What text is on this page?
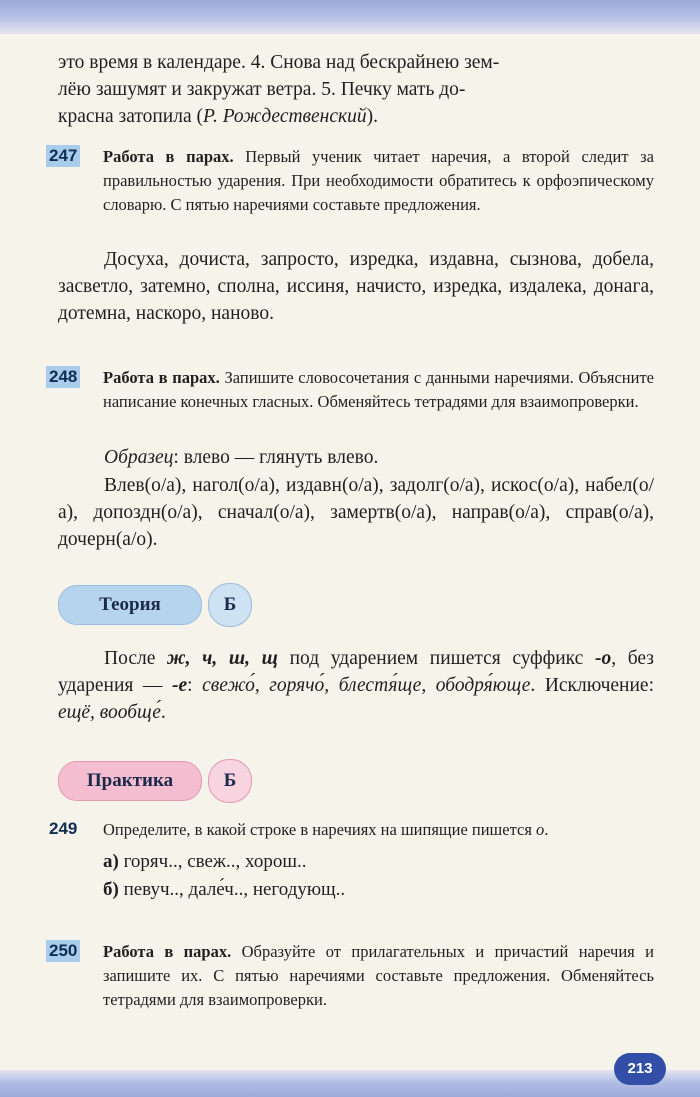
это время в календаре. 4. Снова над бескрайнею зем-

лёю зашумят и закружат ветра. 5. Печку мать до-

красна затопила (Р. Рождественский).

247 Работа в парах. Первый ученик читает наречия, а второй следит за правильностью ударения. При необходимости обратитесь к орфоэпическому словарю. С пятью наречиями составьте предложения.

Досуха, дочиста, запросто, изредка, издавна, сызнова, добела, засветло, затемно, сполна, иссиня, начисто, изредка, издалека, донага, дотемна, наскоро, наново.

248 Работа в парах. Запишите словосочетания с данными наречиями. Объясните написание конечных гласных. Обменяйтесь тетрадями для взаимопроверки.

Образец: влево — глянуть влево.

Влев(о/а), нагол(о/а), издавн(о/а), задолг(о/а), искос(о/а), набел(о/а), допоздн(о/а), сначал(о/а), замертв(о/а), направ(о/а), справ(о/а), дочерн(а/о).

Теория	Б

После ж, ч, ш, щ под ударением пишется суффикс -о, без ударения — -е: свежо́, горячо́, блестя́ще, ободря́юще. Исключение: ещё, вообще́.

Практика	Б
249 Определите, в какой строке в наречиях на шипящие пишется о.

а) горяч.., свеж.., хорош..

б) певуч.., дале́ч.., негодующ..

250 Работа в парах. Образуйте от прилагательных и причастий наречия и запишите их. С пятью наречиями составьте предложения. Обменяйтесь тетрадями для взаимопроверки.

213
